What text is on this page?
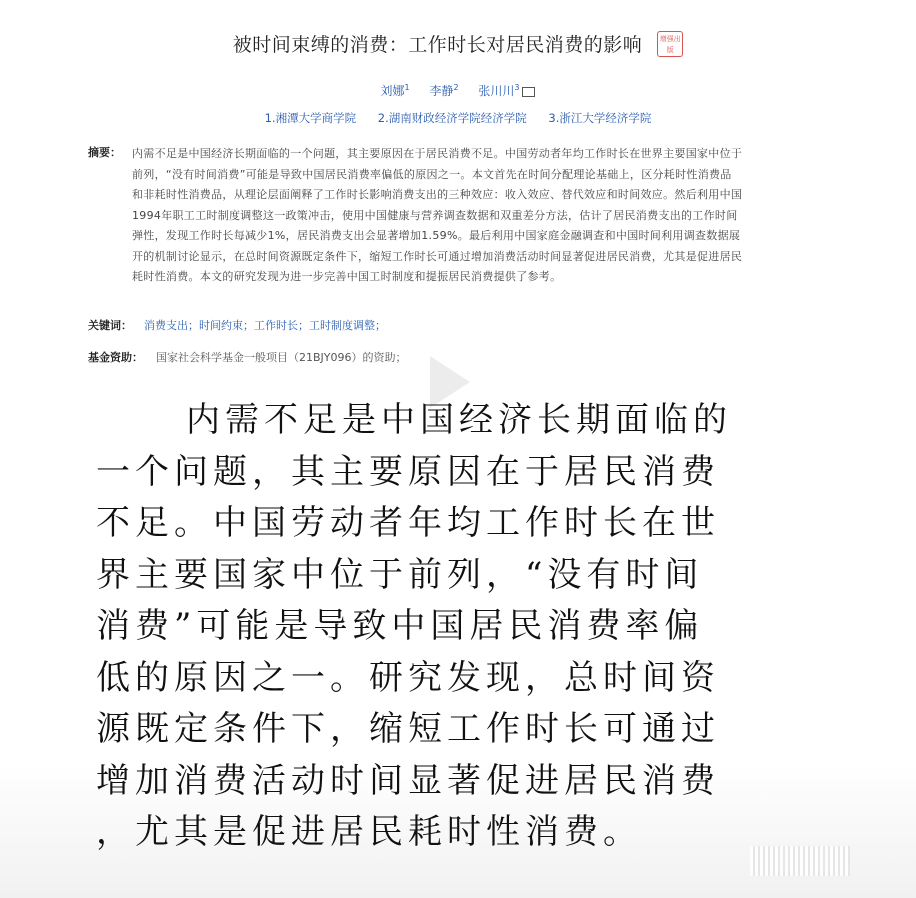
被时间束缚的消费：工作时长对居民消费的影响	增强出版
刘娜$^1$ 李静$^2$ 张川川$^3$
1.湘潭大学商学院 2.湖南财政经济学院经济学院 3.浙江大学经济学院
摘要： 内需不足是中国经济长期面临的一个问题，其主要原因在于居民消费不足。中国劳动者年均工作时长在世界主要国家中位于
前列，“没有时间消费”可能是导致中国居民消费率偏低的原因之一。本文首先在时间分配理论基础上，区分耗时性消费品
和非耗时性消费品，从理论层面阐释了工作时长影响消费支出的三种效应：收入效应、替代效应和时间效应。然后利用中国
1994年职工工时制度调整这一政策冲击，使用中国健康与营养调查数据和双重差分方法，估计了居民消费支出的工作时间
弹性，发现工作时长每减少1%，居民消费支出会显著增加1.59%。最后利用中国家庭金融调查和中国时间利用调查数据展
开的机制讨论显示，在总时间资源既定条件下，缩短工作时长可通过增加消费活动时间显著促进居民消费，尤其是促进居民
耗时性消费。本文的研究发现为进一步完善中国工时制度和提振居民消费提供了参考。
关键词： 消费支出；时间约束；工作时长；工时制度调整；
基金资助： 国家社会科学基金一般项目（21BJY096）的资助；

内需不足是中国经济长期面临的

一个问题，其主要原因在于居民消费

不足。中国劳动者年均工作时长在世

界主要国家中位于前列，“没有时间

消费”可能是导致中国居民消费率偏

低的原因之一。研究发现，总时间资

源既定条件下，缩短工作时长可通过

增加消费活动时间显著促进居民消费

，尤其是促进居民耗时性消费。
